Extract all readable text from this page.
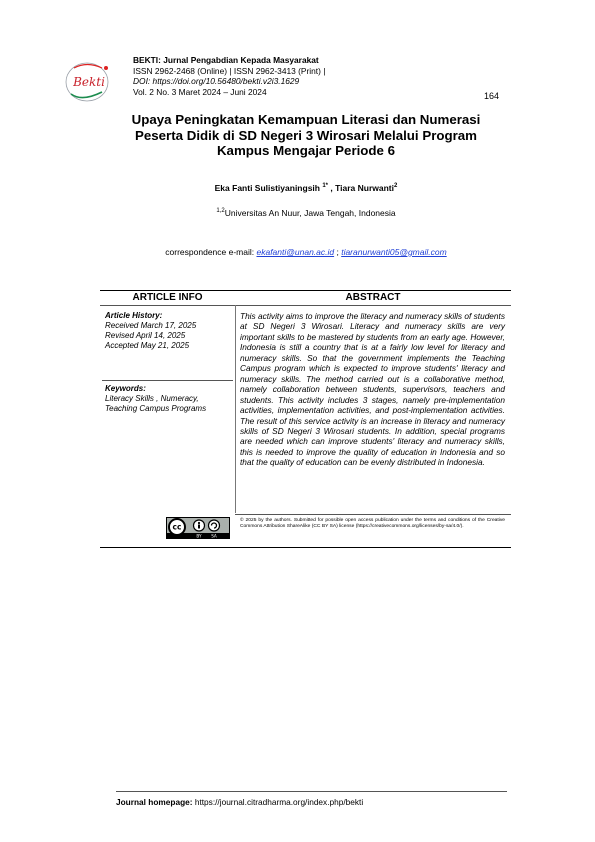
Bekti
BEKTI: Jurnal Pengabdian Kepada Masyarakat
ISSN 2962-2468 (Online) | ISSN 2962-3413 (Print) |
DOI: https://doi.org/10.56480/bekti.v2i3.1629
Vol. 2 No. 3 Maret 2024 – Juni 2024	164
Upaya Peningkatan Kemampuan Literasi dan Numerasi
Peserta Didik di SD Negeri 3 Wirosari Melalui Program
Kampus Mengajar Periode 6
Eka Fanti Sulistiyaningsih $^{1*}$ , Tiara Nurwanti$^2$
$^{1,2}$Universitas An Nuur, Jawa Tengah, Indonesia
correspondence e-mail: ekafanti@unan.ac.id ; tiaranurwanti05@gmail.com
ARTICLE INFO	ABSTRACT
Article History:
Received March 17, 2025
Revised April 14, 2025
Accepted May 21, 2025
Keywords:
Literacy Skills , Numeracy,
Teaching Campus Programs
This activity aims to improve the literacy and numeracy skills of students at SD Negeri 3 Wirosari. Literacy and numeracy skills are very important skills to be mastered by students from an early age. However, Indonesia is still a country that is at a fairly low level for literacy and numeracy skills. So that the government implements the Teaching Campus program which is expected to improve students' literacy and numeracy skills. The method carried out is a collaborative method, namely collaboration between students, supervisors, teachers and students. This activity includes 3 stages, namely pre-implementation activities, implementation activities, and post-implementation activities. The result of this service activity is an increase in literacy and numeracy skills of SD Negeri 3 Wirosari students. In addition, special programs are needed which can improve students' literacy and numeracy skills, this is needed to improve the quality of education in Indonesia and so that the quality of education can be evenly distributed in Indonesia.
cc
BY SA
© 2025 by the authors. Submitted for possible open access publication under the terms and conditions of the Creative Commons Attribution ShareAlike (CC BY SA) license (https://creativecommons.org/licenses/by-sa/4.0/).
Journal homepage: https://journal.citradharma.org/index.php/bekti
